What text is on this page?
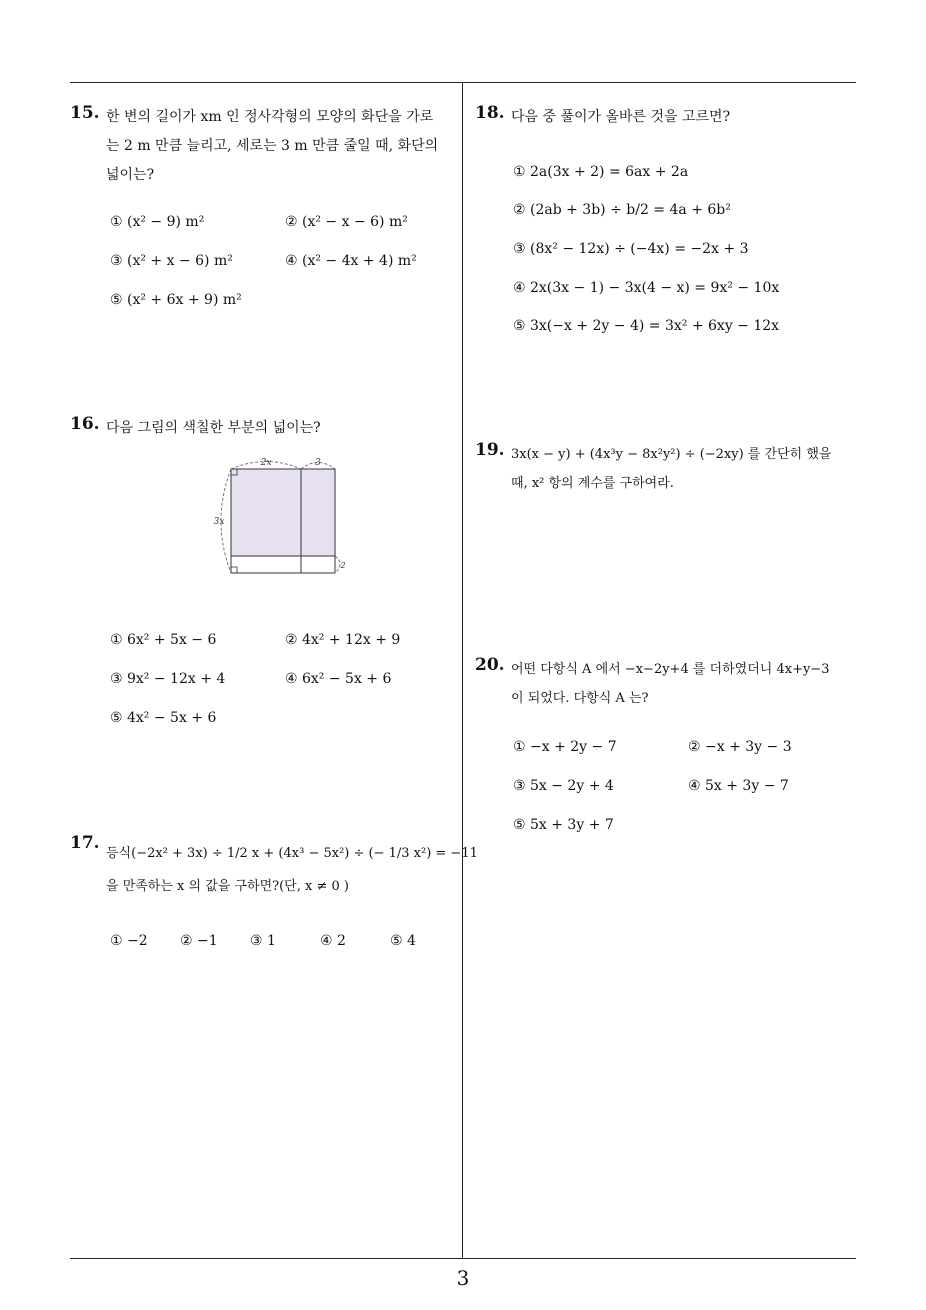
15. 한 변의 길이가 xm 인 정사각형의 모양의 화단을 가로
는 2 m 만큼 늘리고, 세로는 3 m 만큼 줄일 때, 화단의
넓이는?
① (x² − 9) m²	② (x² − x − 6) m²
③ (x² + x − 6) m²	④ (x² − 4x + 4) m²
⑤ (x² + 6x + 9) m²
16. 다음 그림의 색칠한 부분의 넓이는?
2x	3
3x
2
① 6x² + 5x − 6	② 4x² + 12x + 9
③ 9x² − 12x + 4	④ 6x² − 5x + 6
⑤ 4x² − 5x + 6
17.
등식(−2x² + 3x) ÷ 1/2 x + (4x³ − 5x²) ÷ (− 1/3 x²) = −11
을 만족하는 x 의 값을 구하면?(단, x ≠ 0 )
① −2 ② −1 ③ 1	④ 2	⑤ 4
18. 다음 중 풀이가 올바른 것을 고르면?
① 2a(3x + 2) = 6ax + 2a
② (2ab + 3b) ÷ b/2 = 4a + 6b²
③ (8x² − 12x) ÷ (−4x) = −2x + 3
④ 2x(3x − 1) − 3x(4 − x) = 9x² − 10x
⑤ 3x(−x + 2y − 4) = 3x² + 6xy − 12x
19. 3x(x − y) + (4x³y − 8x²y²) ÷ (−2xy) 를 간단히 했을
때, x² 항의 계수를 구하여라.
20. 어떤 다항식 A 에서 −x−2y+4 를 더하였더니 4x+y−3
이 되었다. 다항식 A 는?
① −x + 2y − 7	② −x + 3y − 3
③ 5x − 2y + 4	④ 5x + 3y − 7
⑤ 5x + 3y + 7
3
